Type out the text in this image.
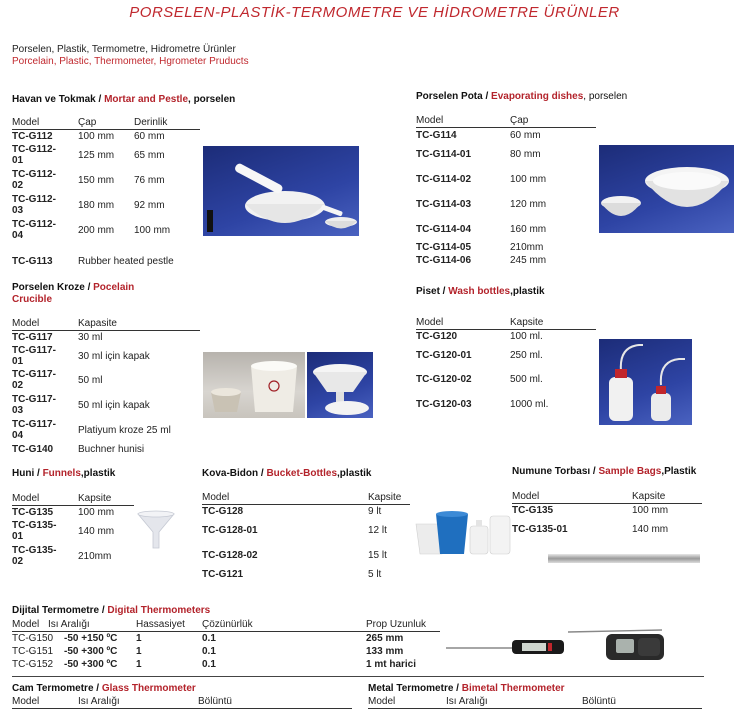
PORSELEN-PLASTİK-TERMOMETRE VE HİDROMETRE ÜRÜNLER
Porselen, Plastik, Termometre, Hidrometre Ürünler
Porcelain, Plastic, Thermometer, Hgrometer Pruducts
Havan ve Tokmak / Mortar and Pestle, porselen
Model	Çap	Derinlik
TC-G112	100 mm 60 mm
TC-G112-
01	125 mm 65 mm
TC-G112-
02	150 mm 76 mm
TC-G112-
03	180 mm 92 mm
TC-G112-
04	200 mm 100 mm
TC-G113	Rubber heated pestle
Porselen Pota / Evaporating dishes, porselen
Model	Çap
TC-G114	60 mm
TC-G114-01	80 mm
TC-G114-02	100 mm
TC-G114-03	120 mm
TC-G114-04	160 mm
TC-G114-05	210mm
TC-G114-06	245 mm
Porselen Kroze / Pocelain
Crucible
Model	Kapasite
TC-G117	30 ml
TC-G117-
01	30 ml için kapak
TC-G117-
02	50 ml
TC-G117-
03	50 ml için kapak
TC-G117-
04	Platiyum kroze 25 ml
TC-G140 Buchner hunisi
Piset / Wash bottles,plastik
Model	Kapsite
TC-G120	100 ml.
TC-G120-01	250 ml.
TC-G120-02	500 ml.
TC-G120-03	1000 ml.
Huni / Funnels,plastik
Model	Kapsite
TC-G135 100 mm
TC-G135-
01	140 mm
TC-G135-
02	210mm
Kova-Bidon / Bucket-Bottles,plastik
Model	Kapsite
TC-G128	9 lt
TC-G128-01	12 lt
TC-G128-02	15 lt
TC-G121	5 lt
Numune Torbası / Sample Bags,Plastik
Model	Kapsite
TC-G135	100 mm
TC-G135-01	140 mm
Dijital Termometre / Digital Thermometers
Model Isı Aralığı	Hassasiyet Çözünürlük	Prop Uzunluk
TC-G150 -50 +150 ºC 1	0.1	265 mm
TC-G151 -50 +300 ºC 1	0.1	133 mm
TC-G152 -50 +300 ºC 1	0.1	1 mt harici
Cam Termometre / Glass Thermometer
Model	Isı Aralığı	Bölüntü
Metal Termometre / Bimetal Thermometer
Model	Isı Aralığı	Bölüntü
